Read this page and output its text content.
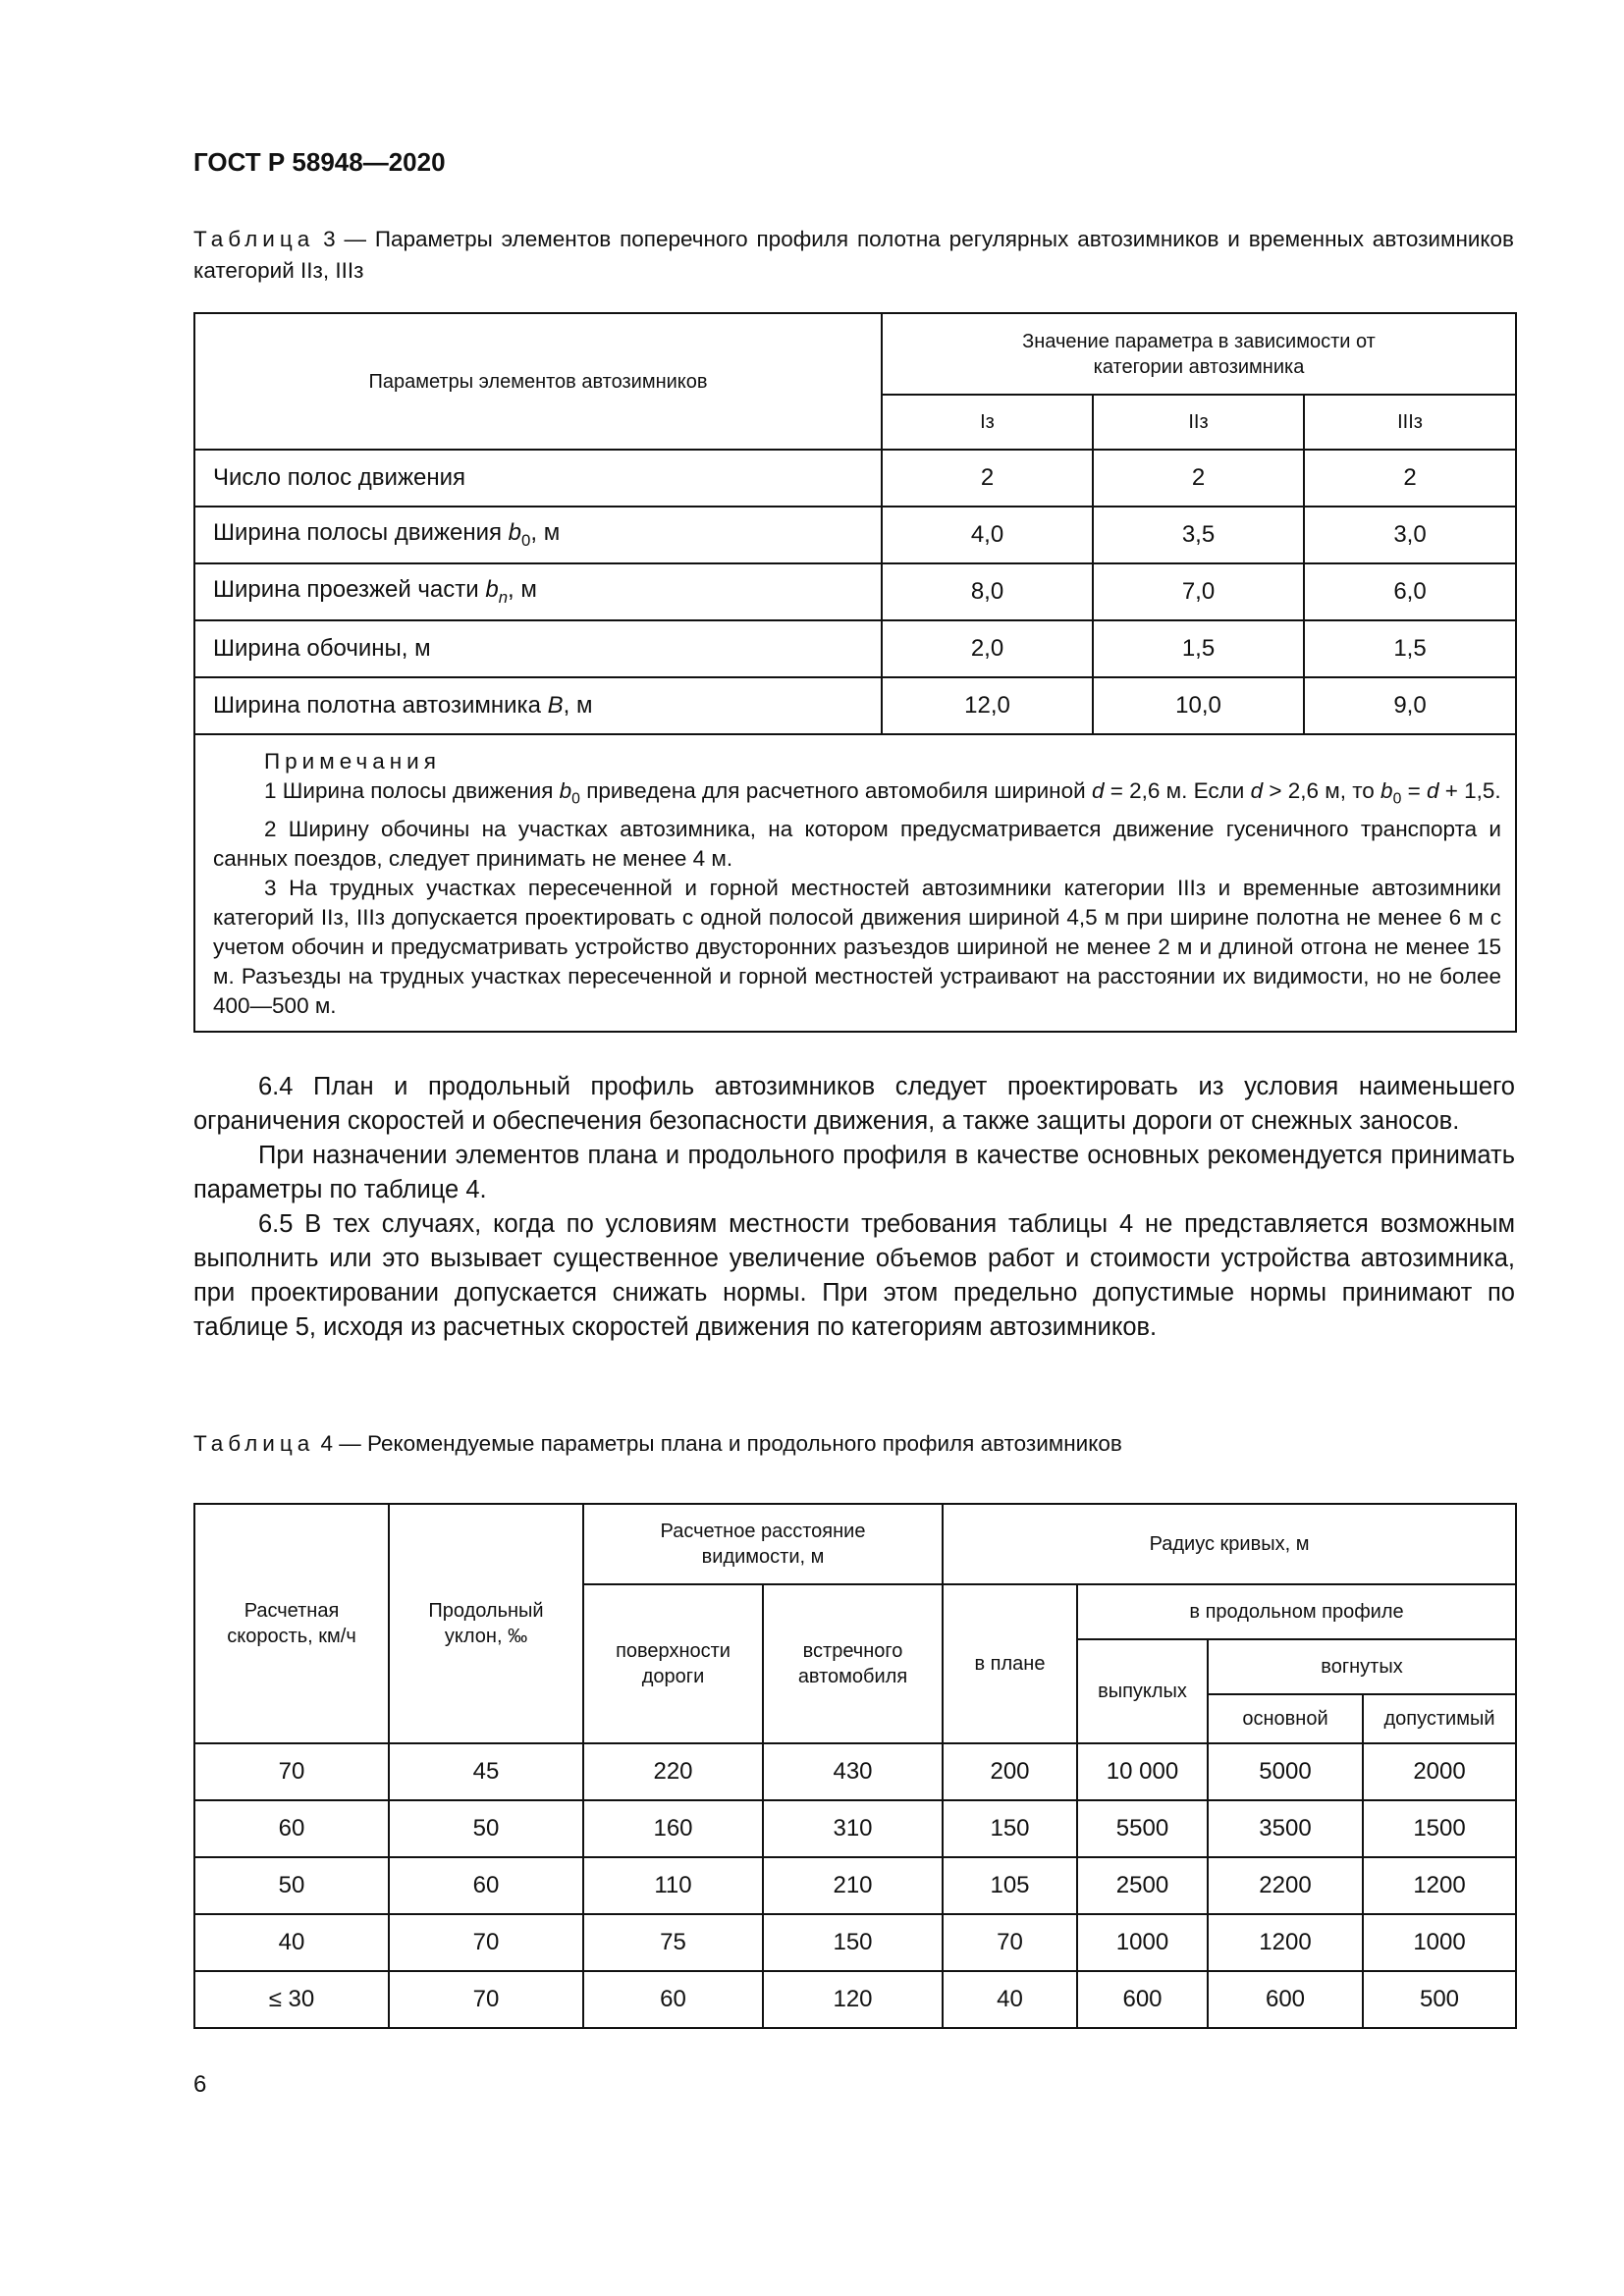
ГОСТ Р 58948—2020
Таблица 3 — Параметры элементов поперечного профиля полотна регулярных автозимников и временных автозимников категорий IIз, IIIз
Параметры элементов автозимников	Значение параметра в зависимости от категории автозимника		

	Iз	IIз	IIIз
Число полос движения	2	2	2
Ширина полосы движения $b_0$, м	4,0	3,5	3,0
Ширина проезжей части $b_n$, м	8,0	7,0	6,0
Ширина обочины, м	2,0	1,5	1,5
Ширина полотна автозимника B, м	12,0	10,0	9,0

Примечания

1 Ширина полосы движения $b_0$ приведена для расчетного автомобиля шириной d = 2,6 м. Если d > 2,6 м, то $b_0 = d + 1,5$.

2 Ширину обочины на участках автозимника, на котором предусматривается движение гусеничного транспорта и санных поездов, следует принимать не менее 4 м.

3 На трудных участках пересеченной и горной местностей автозимники категории IIIз и временные автозимники категорий IIз, IIIз допускается проектировать с одной полосой движения шириной 4,5 м при ширине полотна не менее 6 м с учетом обочин и предусматривать устройство двусторонних разъездов шириной не менее 2 м и длиной отгона не менее 15 м. Разъезды на трудных участках пересеченной и горной местностей устраивают на расстоянии их видимости, но не более 400—500 м.			

6.4 План и продольный профиль автозимников следует проектировать из условия наименьшего ограничения скоростей и обеспечения безопасности движения, а также защиты дороги от снежных заносов.

При назначении элементов плана и продольного профиля в качестве основных рекомендуется принимать параметры по таблице 4.

6.5 В тех случаях, когда по условиям местности требования таблицы 4 не представляется возможным выполнить или это вызывает существенное увеличение объемов работ и стоимости устройства автозимника, при проектировании допускается снижать нормы. При этом предельно допустимые нормы принимают по таблице 5, исходя из расчетных скоростей движения по категориям автозимников.

Таблица 4 — Рекомендуемые параметры плана и продольного профиля автозимников
Расчетная скорость, км/ч	Продольный уклон, ‰	Расчетное расстояние видимости, м		Радиус кривых, м			

		поверхности дороги	встречного автомобиля	в плане	в продольном профиле		
					выпуклых	вогнутых	
						основной	допустимый
70	45	220	430	200	10 000	5000	2000
60	50	160	310	150	5500	3500	1500
50	60	110	210	105	2500	2200	1200
40	70	75	150	70	1000	1200	1000
≤ 30	70	60	120	40	600	600	500
6
